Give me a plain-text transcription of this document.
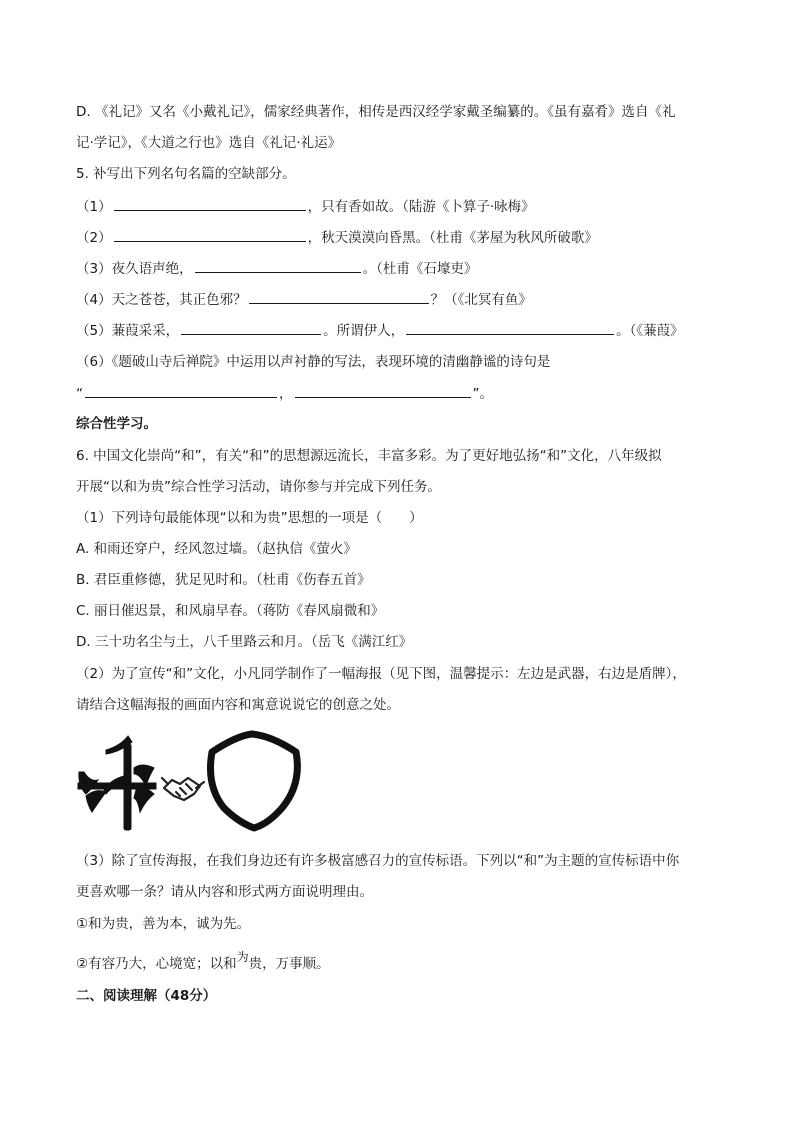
D. 《礼记》又名《小戴礼记》，儒家经典著作，相传是西汉经学家戴圣编纂的。《虽有嘉肴》选自《礼
记·学记》，《大道之行也》选自《礼记·礼运》
5. 补写出下列名句名篇的空缺部分。
（1）	，只有香如故。（陆游《卜算子·咏梅》
（2）	，秋天漠漠向昏黑。（杜甫《茅屋为秋风所破歌》
（3）夜久语声绝，	。（杜甫《石壕吏》
（4）天之苍苍，其正色邪？	？（《北冥有鱼》
（5）蒹葭采采，	。所谓伊人，	。（《蒹葭》
（6）《题破山寺后禅院》中运用以声衬静的写法，表现环境的清幽静谧的诗句是
“	，	”。
综合性学习。
6. 中国文化崇尚“和”，有关“和”的思想源远流长，丰富多彩。为了更好地弘扬“和”文化，八年级拟
开展“以和为贵”综合性学习活动，请你参与并完成下列任务。
（1）下列诗句最能体现“以和为贵”思想的一项是（　　）
A. 和雨还穿户，经风忽过墙。（赵执信《萤火》
B. 君臣重修德，犹足见时和。（杜甫《伤春五首》
C. 丽日催迟景，和风扇早春。（蒋防《春风扇微和》
D. 三十功名尘与土，八千里路云和月。（岳飞《满江红》
（2）为了宣传“和”文化，小凡同学制作了一幅海报（见下图，温馨提示：左边是武器，右边是盾牌），
请结合这幅海报的画面内容和寓意说说它的创意之处。
（3）除了宣传海报，在我们身边还有许多极富感召力的宣传标语。下列以“和”为主题的宣传标语中你
更喜欢哪一条？请从内容和形式两方面说明理由。
①和为贵，善为本，诚为先。
②有容乃大，心境宽；以和为贵，万事顺。
二、阅读理解（48分）
